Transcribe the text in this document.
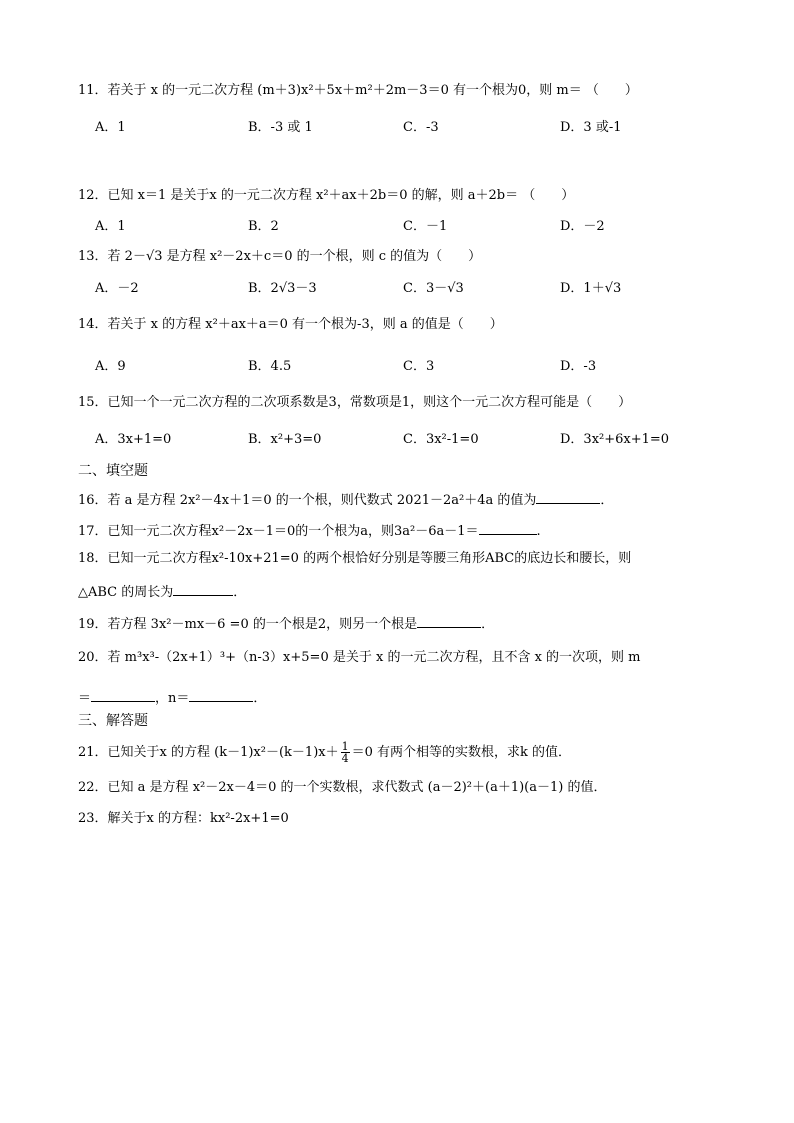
11．若关于 x 的一元二次方程 (m＋3)x²＋5x＋m²＋2m－3＝0 有一个根为0，则 m＝ （　　）
A．1	B．-3 或 1	C．-3	D．3 或-1
12．已知 x＝1 是关于x 的一元二次方程 x²＋ax＋2b＝0 的解，则 a＋2b＝ （　　）
A．1	B．2	C．－1	D．－2
13．若 2－√3 是方程 x²－2x＋c＝0 的一个根，则 c 的值为（　　）
A．－2	B．2√3－3	C．3－√3	D．1＋√3
14．若关于 x 的方程 x²＋ax＋a＝0 有一个根为-3，则 a 的值是（　　）
A．9	B．4.5	C．3	D．-3
15．已知一个一元二次方程的二次项系数是3，常数项是1，则这个一元二次方程可能是（　　）
A．3x+1=0	B．x²+3=0	C．3x²-1=0	D．3x²+6x+1=0
二、填空题
16．若 a 是方程 2x²－4x＋1＝0 的一个根，则代数式 2021－2a²＋4a 的值为	．
17．已知一元二次方程x²－2x－1＝0的一个根为a，则3a²－6a－1＝	.
18．已知一元二次方程x²-10x+21=0 的两个根恰好分别是等腰三角形ABC的底边长和腰长，则
△ABC 的周长为	．
19．若方程 3x²－mx－6 =0 的一个根是2，则另一个根是	．
20．若 m³x³-（2x+1）³+（n-3）x+5=0 是关于 x 的一元二次方程，且不含 x 的一次项，则 m
＝	，n＝	．
三、解答题
21．已知关于x 的方程 $(k-1)x^2-(k-1)x+ \frac{1}{4} =0$ 有两个相等的实数根，求k 的值．
22．已知 a 是方程 x²－2x－4＝0 的一个实数根，求代数式 (a－2)²＋(a＋1)(a－1) 的值．
23．解关于x 的方程：kx²-2x+1=0
